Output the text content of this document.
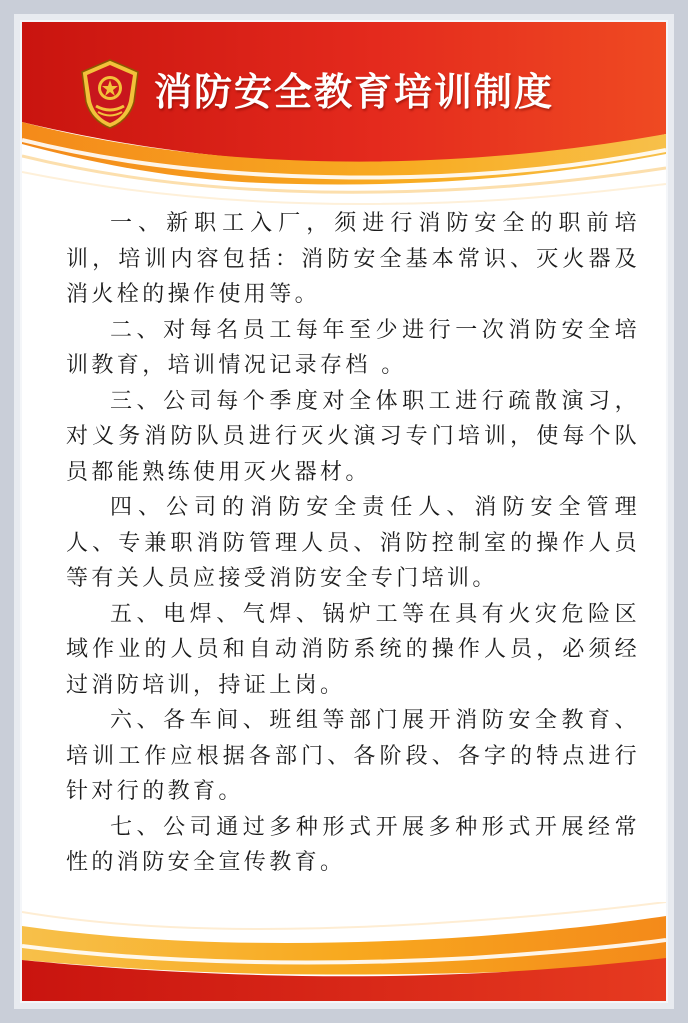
消防安全教育培训制度

一、新职工入厂，须进行消防安全的职前培训，培训内容包括：消防安全基本常识、灭火器及消火栓的操作使用等。

二、对每名员工每年至少进行一次消防安全培训教育，培训情况记录存档 。

三、公司每个季度对全体职工进行疏散演习，对义务消防队员进行灭火演习专门培训，使每个队员都能熟练使用灭火器材。

四、公司的消防安全责任人、消防安全管理人、专兼职消防管理人员、消防控制室的操作人员等有关人员应接受消防安全专门培训。

五、电焊、气焊、锅炉工等在具有火灾危险区域作业的人员和自动消防系统的操作人员，必须经过消防培训，持证上岗。

六、各车间、班组等部门展开消防安全教育、培训工作应根据各部门、各阶段、各字的特点进行针对行的教育。

七、公司通过多种形式开展多种形式开展经常性的消防安全宣传教育。
